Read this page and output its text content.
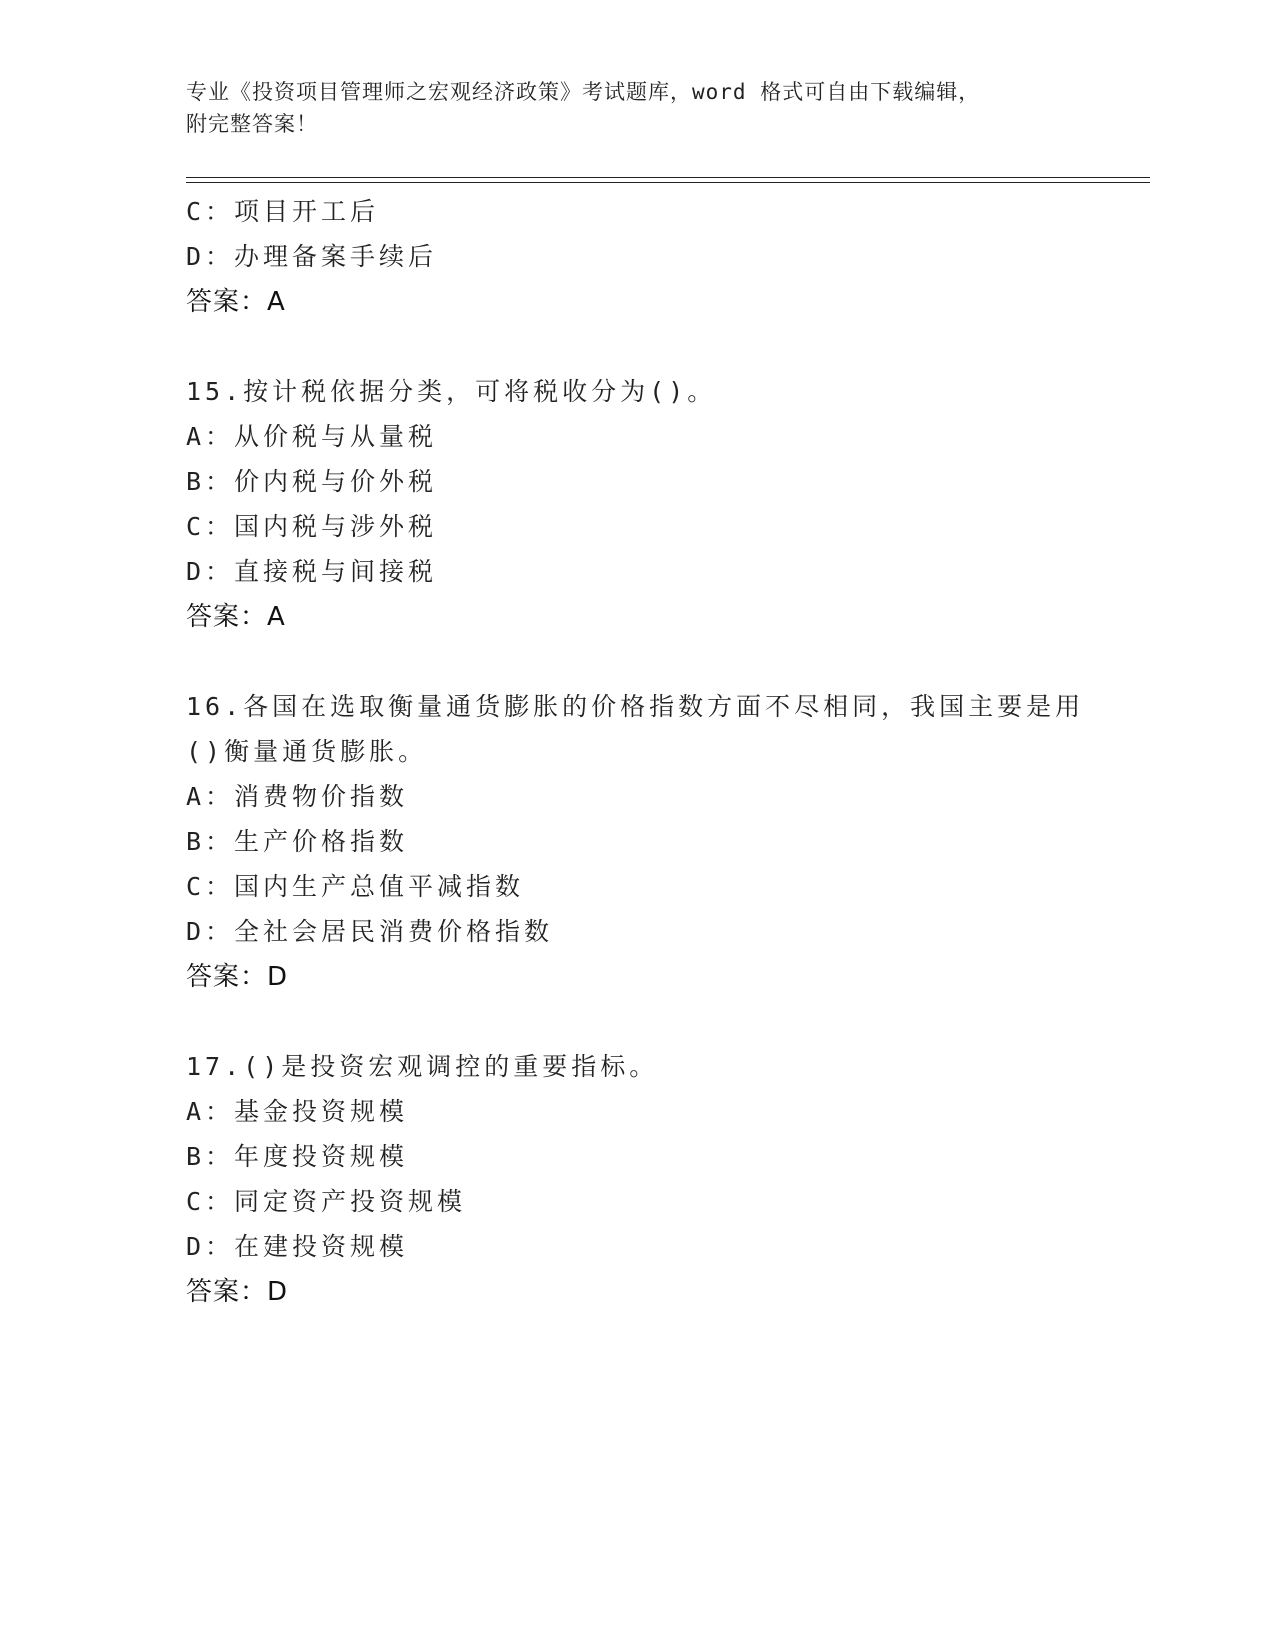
专业《投资项目管理师之宏观经济政策》考试题库，word 格式可自由下载编辑，
附完整答案！
C：项目开工后
D：办理备案手续后
答案：A
15.按计税依据分类，可将税收分为()。
A：从价税与从量税
B：价内税与价外税
C：国内税与涉外税
D：直接税与间接税
答案：A
16.各国在选取衡量通货膨胀的价格指数方面不尽相同，我国主要是用
()衡量通货膨胀。
A：消费物价指数
B：生产价格指数
C：国内生产总值平减指数
D：全社会居民消费价格指数
答案：D
17.()是投资宏观调控的重要指标。
A：基金投资规模
B：年度投资规模
C：同定资产投资规模
D：在建投资规模
答案：D
